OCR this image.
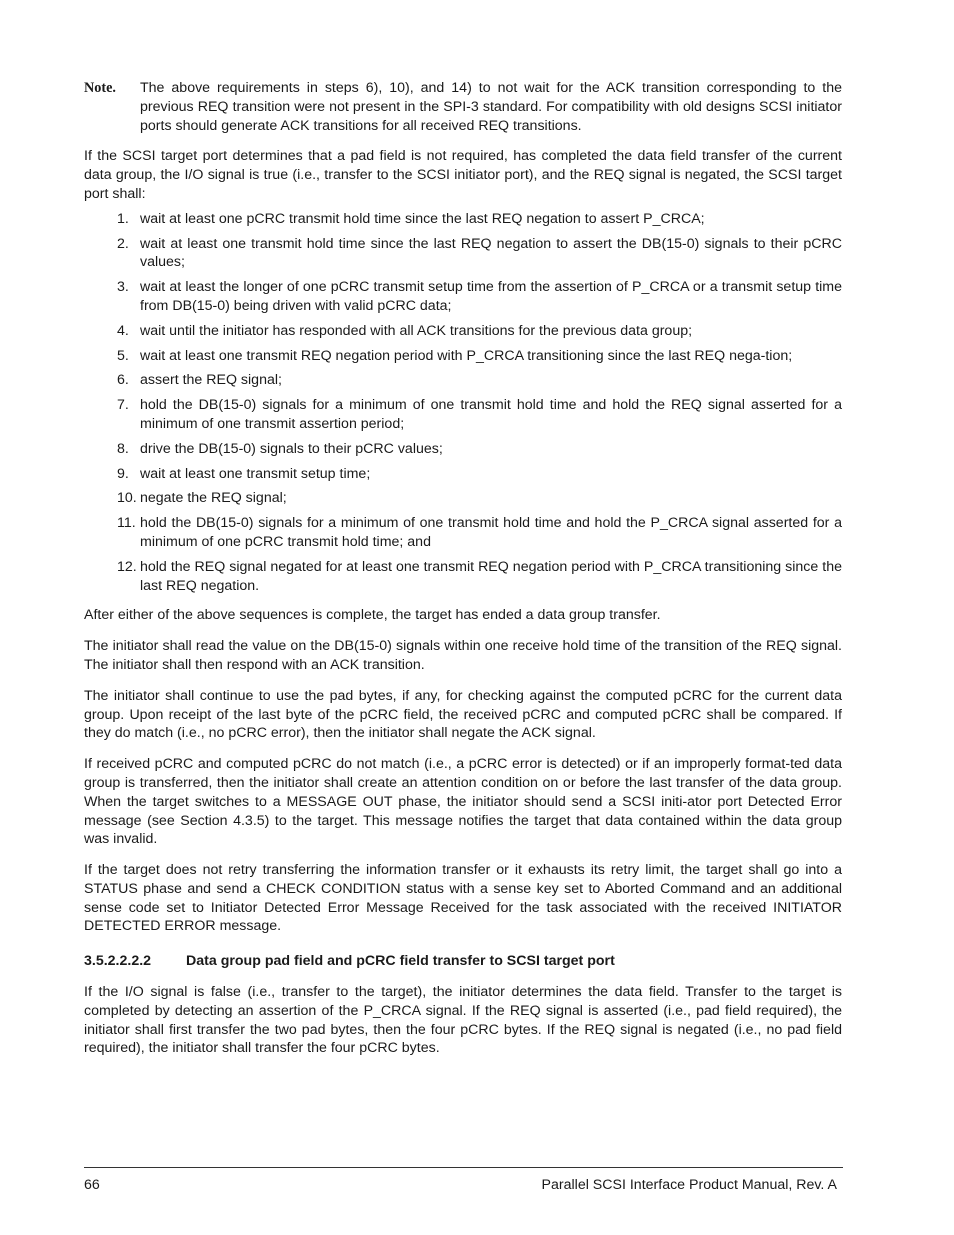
Note.	The above requirements in steps 6), 10), and 14) to not wait for the ACK transition corresponding to the previous REQ transition were not present in the SPI-3 standard. For compatibility with old designs SCSI initiator ports should generate ACK transitions for all received REQ transitions.

If the SCSI target port determines that a pad field is not required, has completed the data field transfer of the current data group, the I/O signal is true (i.e., transfer to the SCSI initiator port), and the REQ signal is negated, the SCSI target port shall:

1. wait at least one pCRC transmit hold time since the last REQ negation to assert P_CRCA;
2. wait at least one transmit hold time since the last REQ negation to assert the DB(15-0) signals to their pCRC values;
3. wait at least the longer of one pCRC transmit setup time from the assertion of P_CRCA or a transmit setup time from DB(15-0) being driven with valid pCRC data;
4. wait until the initiator has responded with all ACK transitions for the previous data group;
5. wait at least one transmit REQ negation period with P_CRCA transitioning since the last REQ nega-tion;
6. assert the REQ signal;
7. hold the DB(15-0) signals for a minimum of one transmit hold time and hold the REQ signal asserted for a minimum of one transmit assertion period;
8. drive the DB(15-0) signals to their pCRC values;
9. wait at least one transmit setup time;
10. negate the REQ signal;
11. hold the DB(15-0) signals for a minimum of one transmit hold time and hold the P_CRCA signal asserted for a minimum of one pCRC transmit hold time; and
12. hold the REQ signal negated for at least one transmit REQ negation period with P_CRCA transitioning since the last REQ negation.

After either of the above sequences is complete, the target has ended a data group transfer.

The initiator shall read the value on the DB(15-0) signals within one receive hold time of the transition of the REQ signal. The initiator shall then respond with an ACK transition.

The initiator shall continue to use the pad bytes, if any, for checking against the computed pCRC for the current data group. Upon receipt of the last byte of the pCRC field, the received pCRC and computed pCRC shall be compared. If they do match (i.e., no pCRC error), then the initiator shall negate the ACK signal.

If received pCRC and computed pCRC do not match (i.e., a pCRC error is detected) or if an improperly format-ted data group is transferred, then the initiator shall create an attention condition on or before the last transfer of the data group. When the target switches to a MESSAGE OUT phase, the initiator should send a SCSI initi-ator port Detected Error message (see Section 4.3.5) to the target. This message notifies the target that data contained within the data group was invalid.

If the target does not retry transferring the information transfer or it exhausts its retry limit, the target shall go into a STATUS phase and send a CHECK CONDITION status with a sense key set to Aborted Command and an additional sense code set to Initiator Detected Error Message Received for the task associated with the received INITIATOR DETECTED ERROR message.

3.5.2.2.2.2	Data group pad field and pCRC field transfer to SCSI target port

If the I/O signal is false (i.e., transfer to the target), the initiator determines the data field. Transfer to the target is completed by detecting an assertion of the P_CRCA signal. If the REQ signal is asserted (i.e., pad field required), the initiator shall first transfer the two pad bytes, then the four pCRC bytes. If the REQ signal is negated (i.e., no pad field required), the initiator shall transfer the four pCRC bytes.

66	Parallel SCSI Interface Product Manual, Rev. A
